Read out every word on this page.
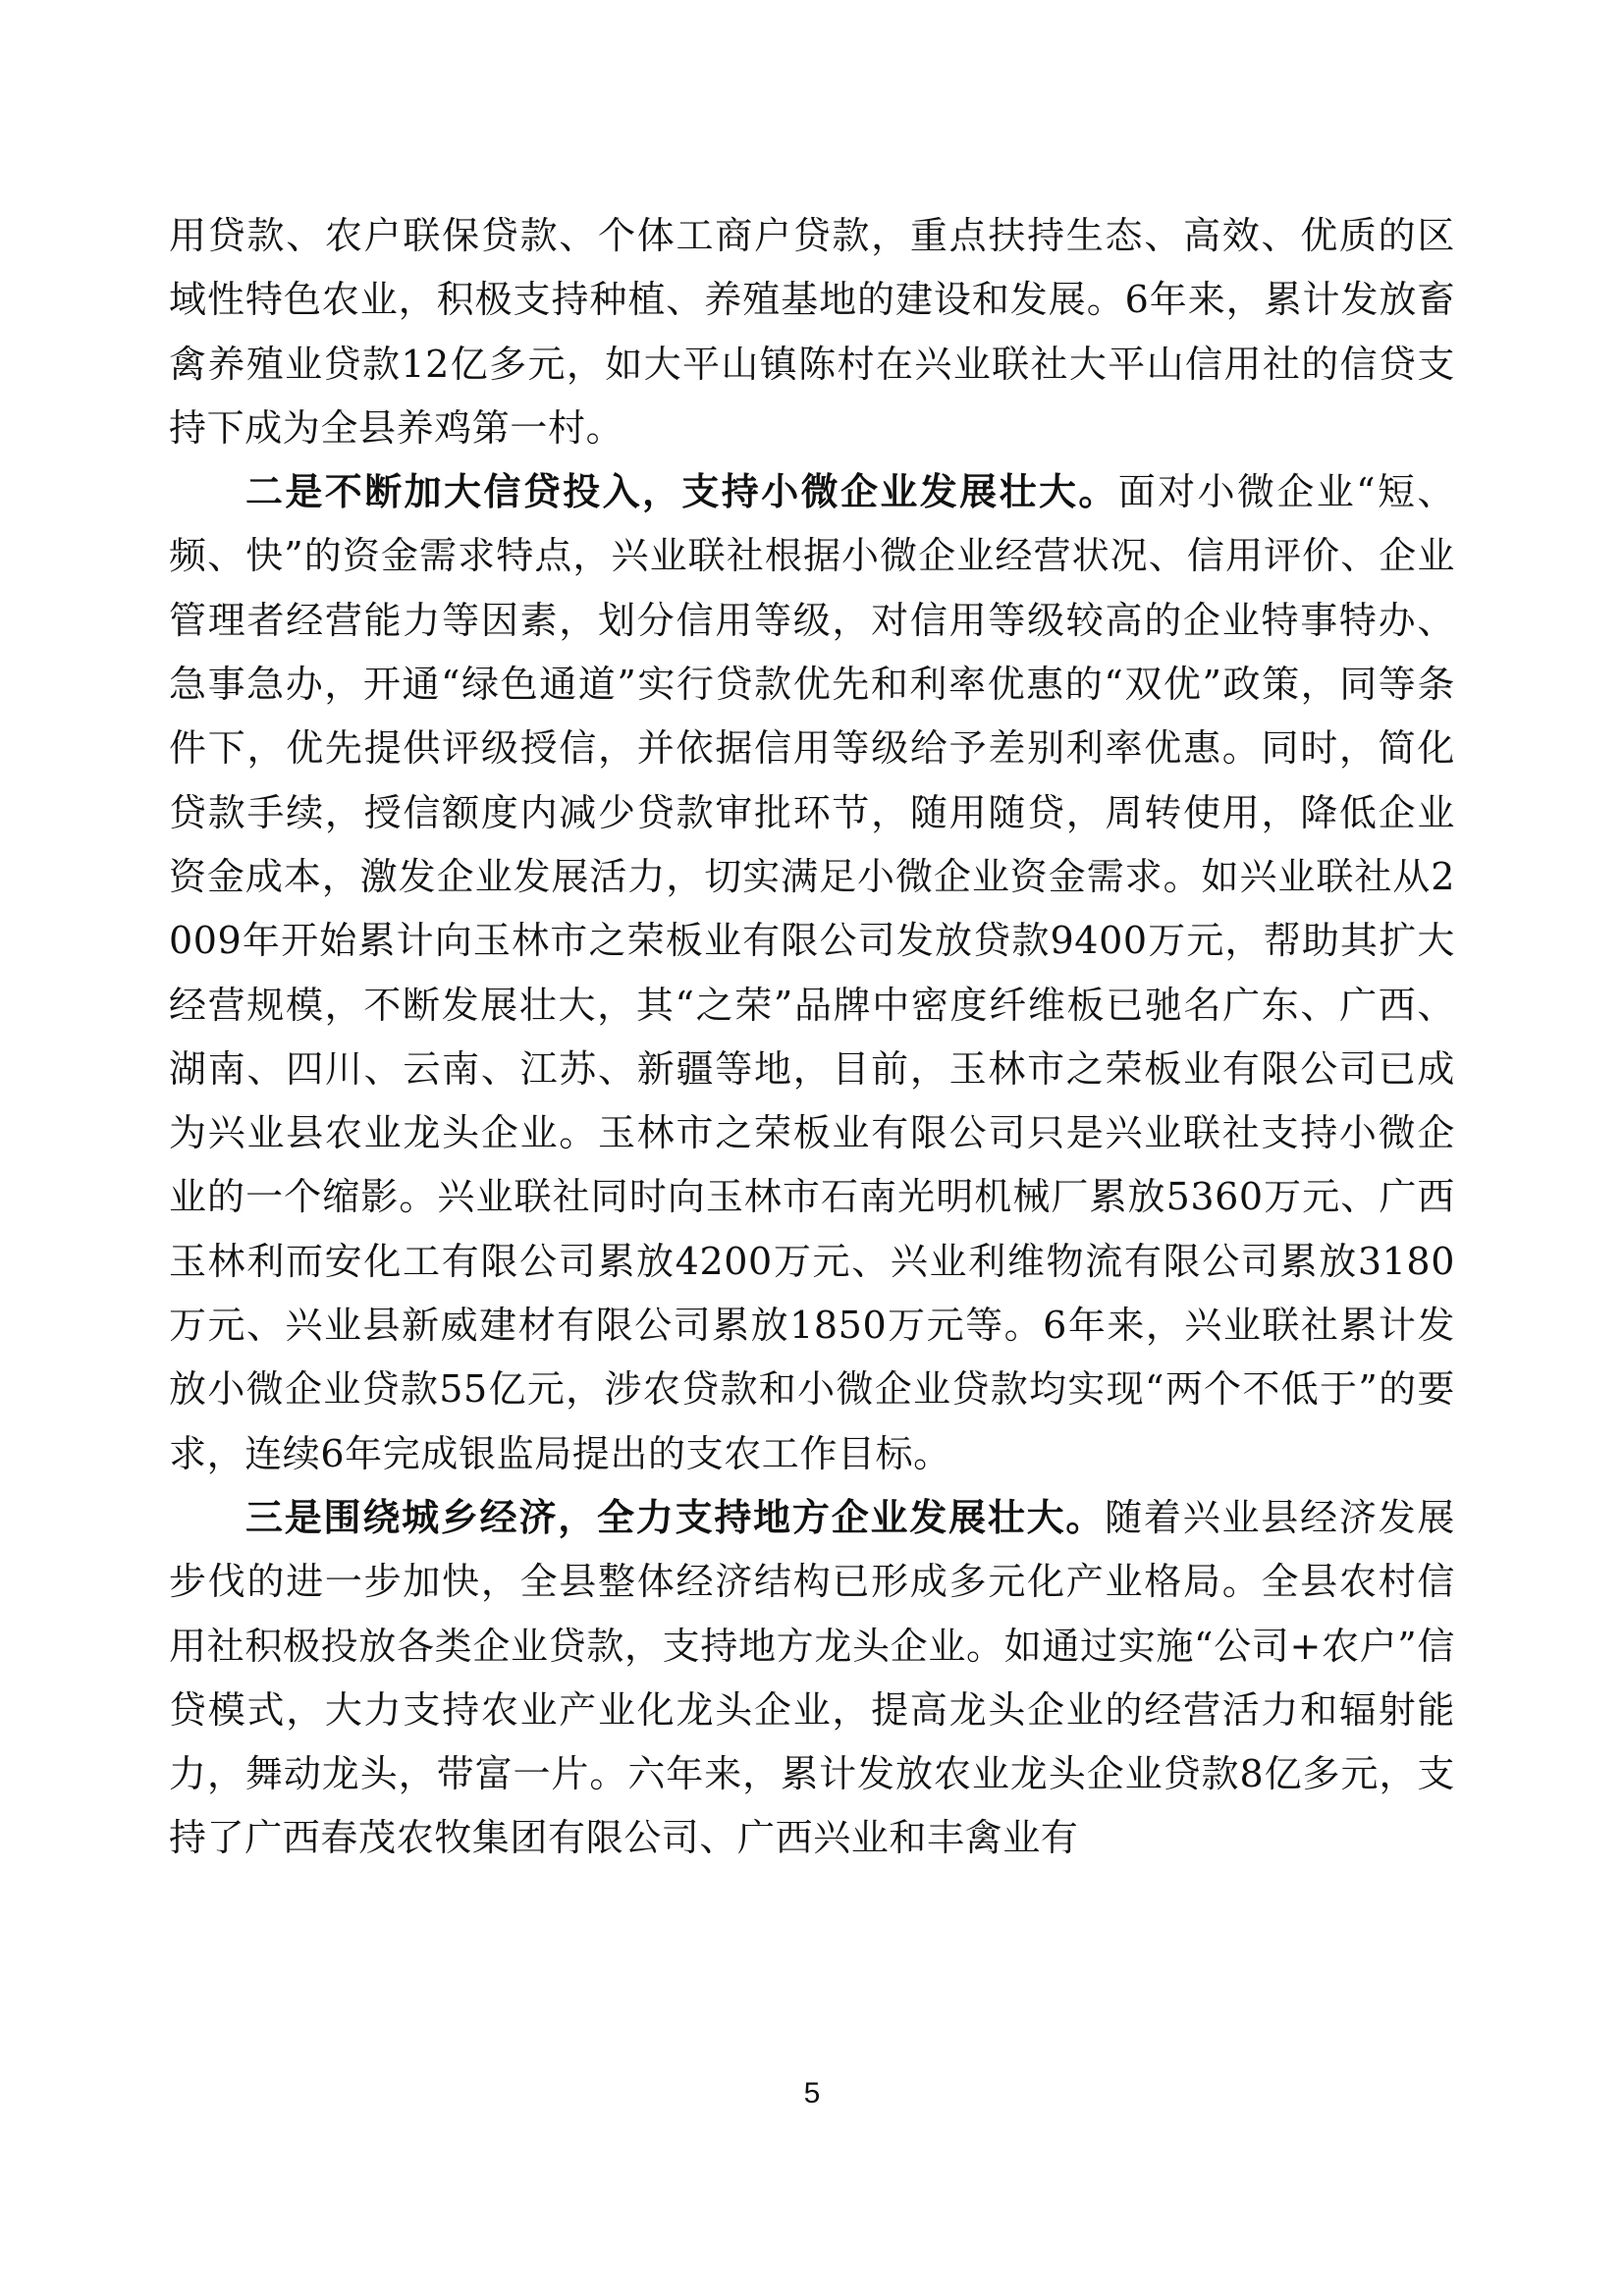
用贷款、农户联保贷款、个体工商户贷款，重点扶持生态、高效、优质的区域性特色农业，积极支持种植、养殖基地的建设和发展。6年来，累计发放畜禽养殖业贷款12亿多元，如大平山镇陈村在兴业联社大平山信用社的信贷支持下成为全县养鸡第一村。

二是不断加大信贷投入，支持小微企业发展壮大。面对小微企业“短、频、快”的资金需求特点，兴业联社根据小微企业经营状况、信用评价、企业管理者经营能力等因素，划分信用等级，对信用等级较高的企业特事特办、急事急办，开通“绿色通道”实行贷款优先和利率优惠的“双优”政策，同等条件下，优先提供评级授信，并依据信用等级给予差别利率优惠。同时，简化贷款手续，授信额度内减少贷款审批环节，随用随贷，周转使用，降低企业资金成本，激发企业发展活力，切实满足小微企业资金需求。如兴业联社从2009年开始累计向玉林市之荣板业有限公司发放贷款9400万元，帮助其扩大经营规模，不断发展壮大，其“之荣”品牌中密度纤维板已驰名广东、广西、湖南、四川、云南、江苏、新疆等地，目前，玉林市之荣板业有限公司已成为兴业县农业龙头企业。玉林市之荣板业有限公司只是兴业联社支持小微企业的一个缩影。兴业联社同时向玉林市石南光明机械厂累放5360万元、广西玉林利而安化工有限公司累放4200万元、兴业利维物流有限公司累放3180万元、兴业县新威建材有限公司累放1850万元等。6年来，兴业联社累计发放小微企业贷款55亿元，涉农贷款和小微企业贷款均实现“两个不低于”的要求，连续6年完成银监局提出的支农工作目标。

三是围绕城乡经济，全力支持地方企业发展壮大。随着兴业县经济发展步伐的进一步加快，全县整体经济结构已形成多元化产业格局。全县农村信用社积极投放各类企业贷款，支持地方龙头企业。如通过实施“公司+农户”信贷模式，大力支持农业产业化龙头企业，提高龙头企业的经营活力和辐射能力，舞动龙头，带富一片。六年来，累计发放农业龙头企业贷款8亿多元，支持了广西春茂农牧集团有限公司、广西兴业和丰禽业有

5
